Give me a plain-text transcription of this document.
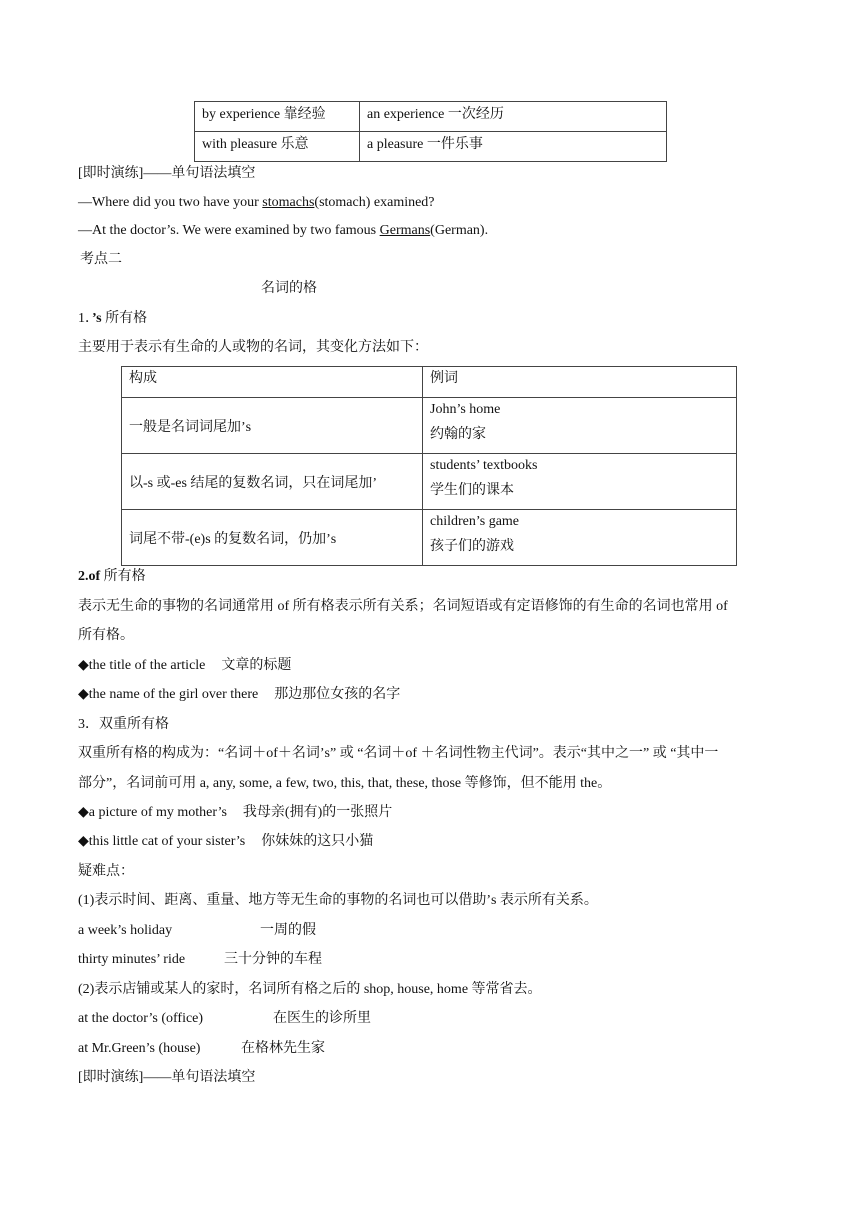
by experience 靠经验	an experience 一次经历
with pleasure 乐意	a pleasure 一件乐事
[即时演练]——单句语法填空
—Where did you two have your stomachs(stomach) examined?
—At the doctor’s. We were examined by two famous Germans(German).
考点二
名词的格
1．’s 所有格
主要用于表示有生命的人或物的名词，其变化方法如下：
构成	例词
一般是名词词尾加’s	John’s home
约翰的家

以-s 或-es 结尾的复数名词，只在词尾加’	students’ textbooks
学生们的课本

词尾不带-(e)s 的复数名词，仍加’s	children’s game
孩子们的游戏
2.of 所有格
表示无生命的事物的名词通常用 of 所有格表示所有关系；名词短语或有定语修饰的有生命的名词也常用 of
所有格。
◆the title of the article 文章的标题
◆the name of the girl over there 那边那位女孩的名字
3．双重所有格
双重所有格的构成为：“名词＋of＋名词’s” 或 “名词＋of ＋名词性物主代词”。表示“其中之一” 或 “其中一
部分”，名词前可用 a, any, some, a few, two, this, that, these, those 等修饰，但不能用 the。
◆a picture of my mother’s 我母亲(拥有)的一张照片
◆this little cat of your sister’s 你妹妹的这只小猫
疑难点：
(1)表示时间、距离、重量、地方等无生命的事物的名词也可以借助’s 表示所有关系。
a week’s holiday	一周的假
thirty minutes’ ride	三十分钟的车程
(2)表示店铺或某人的家时，名词所有格之后的 shop, house, home 等常省去。
at the doctor’s (office)	在医生的诊所里
at Mr.Green’s (house)	在格林先生家
[即时演练]——单句语法填空
